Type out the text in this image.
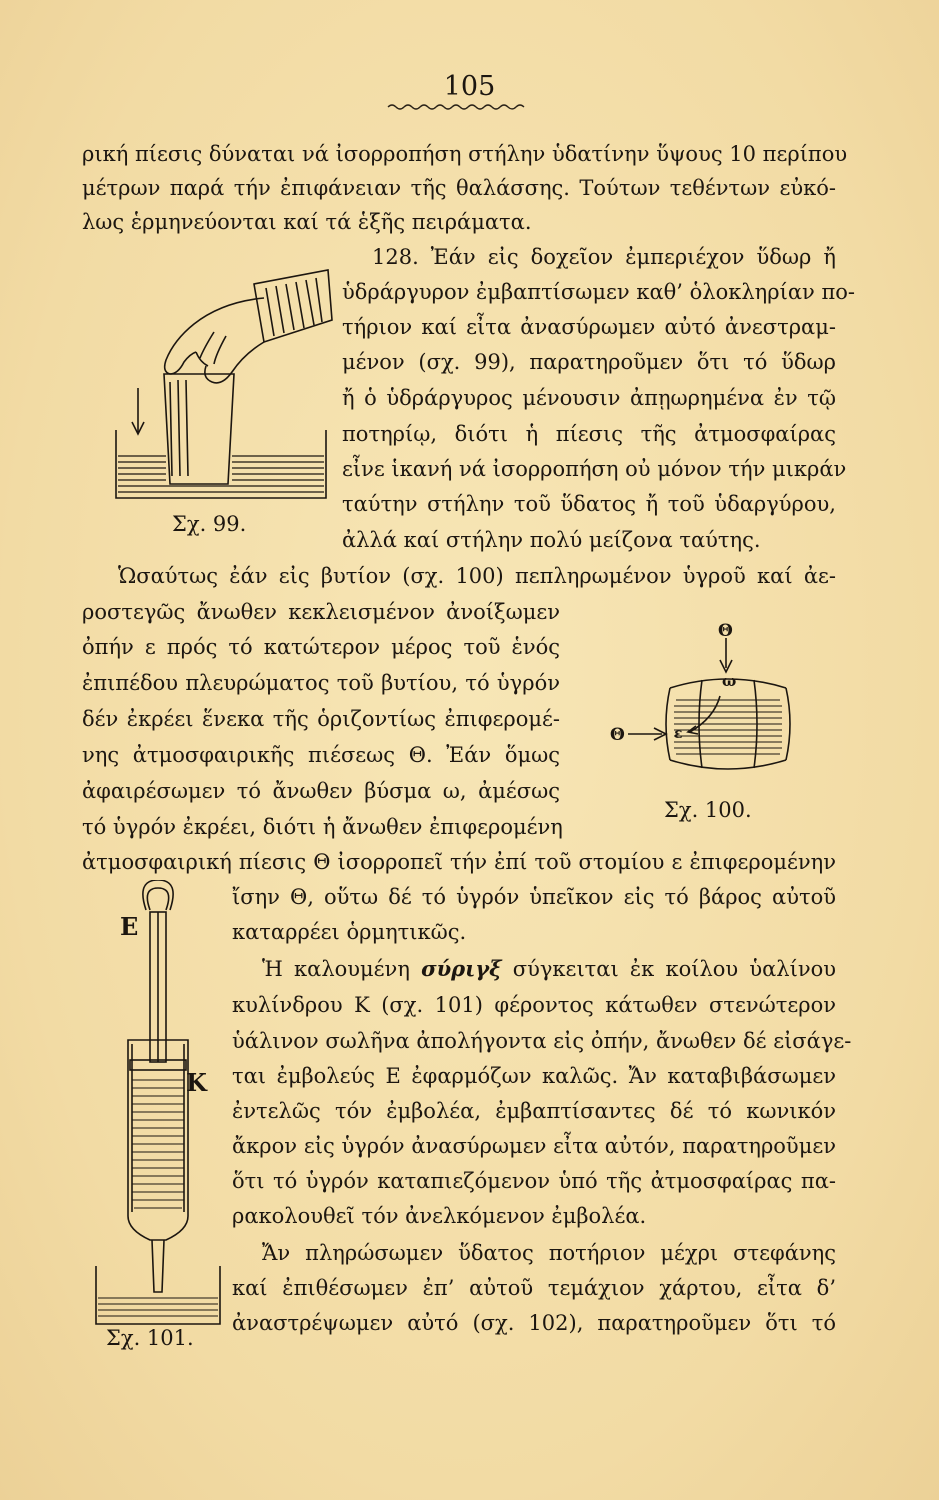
105
ρική πίεσις δύναται νά ἰσορροπήση στήλην ὑδατίνην ὕψους 10 περίπου
μέτρων παρά τήν ἐπιφάνειαν τῆς θαλάσσης. Τούτων τεθέντων εὐκό-
λως ἑρμηνεύονται καί τά ἑξῆς πειράματα.
128. Ἐάν εἰς δοχεῖον ἐμπεριέχον ὕδωρ ἤ
ὑδράργυρον ἐμβαπτίσωμεν καθ’ ὁλοκληρίαν πο-
τήριον καί εἶτα ἀνασύρωμεν αὐτό ἀνεστραμ-
μένον (σχ. 99), παρατηροῦμεν ὅτι τό ὕδωρ
ἤ ὁ ὑδράργυρος μένουσιν ἀπῃωρημένα ἐν τῷ
ποτηρίῳ, διότι ἡ πίεσις τῆς ἀτμοσφαίρας
εἶνε ἱκανή νά ἰσορροπήση οὐ μόνον τήν μικράν
ταύτην στήλην τοῦ ὕδατος ἤ τοῦ ὑδαργύρου,
ἀλλά καί στήλην πολύ μείζονα ταύτης.
Ὡσαύτως ἐάν εἰς βυτίον (σχ. 100) πεπληρωμένον ὑγροῦ καί ἀε-
ροστεγῶς ἄνωθεν κεκλεισμένον ἀνοίξωμεν
ὀπήν ε πρός τό κατώτερον μέρος τοῦ ἑνός
ἐπιπέδου πλευρώματος τοῦ βυτίου, τό ὑγρόν
δέν ἐκρέει ἕνεκα τῆς ὁριζοντίως ἐπιφερομέ-
νης ἀτμοσφαιρικῆς πιέσεως Θ. Ἐάν ὅμως
ἀφαιρέσωμεν τό ἄνωθεν βύσμα ω, ἀμέσως
τό ὑγρόν ἐκρέει, διότι ἡ ἄνωθεν ἐπιφερομένη
ἀτμοσφαιρική πίεσις Θ ἰσορροπεῖ τήν ἐπί τοῦ στομίου ε ἐπιφερομένην
ἴσην Θ, οὕτω δέ τό ὑγρόν ὑπεῖκον εἰς τό βάρος αὐτοῦ
καταρρέει ὁρμητικῶς.
Ἡ καλουμένη σύριγξ σύγκειται ἐκ κοίλου ὑαλίνου
κυλίνδρου Κ (σχ. 101) φέροντος κάτωθεν στενώτερον
ὑάλινον σωλῆνα ἀπολήγοντα εἰς ὀπήν, ἄνωθεν δέ εἰσάγε-
ται ἐμβολεύς Ε ἐφαρμόζων καλῶς. Ἄν καταβιβάσωμεν
ἐντελῶς τόν ἐμβολέα, ἐμβαπτίσαντες δέ τό κωνικόν
ἄκρον εἰς ὑγρόν ἀνασύρωμεν εἶτα αὐτόν, παρατηροῦμεν
ὅτι τό ὑγρόν καταπιεζόμενον ὑπό τῆς ἀτμοσφαίρας πα-
ρακολουθεῖ τόν ἀνελκόμενον ἐμβολέα.
Ἄν πληρώσωμεν ὕδατος ποτήριον μέχρι στεφάνης
καί ἐπιθέσωμεν ἐπ’ αὐτοῦ τεμάχιον χάρτου, εἶτα δ’
ἀναστρέψωμεν αὐτό (σχ. 102), παρατηροῦμεν ὅτι τό
Σχ. 99.
Θ
Θ
ω
ε
Σχ. 100.
Ε
Κ
Σχ. 101.
